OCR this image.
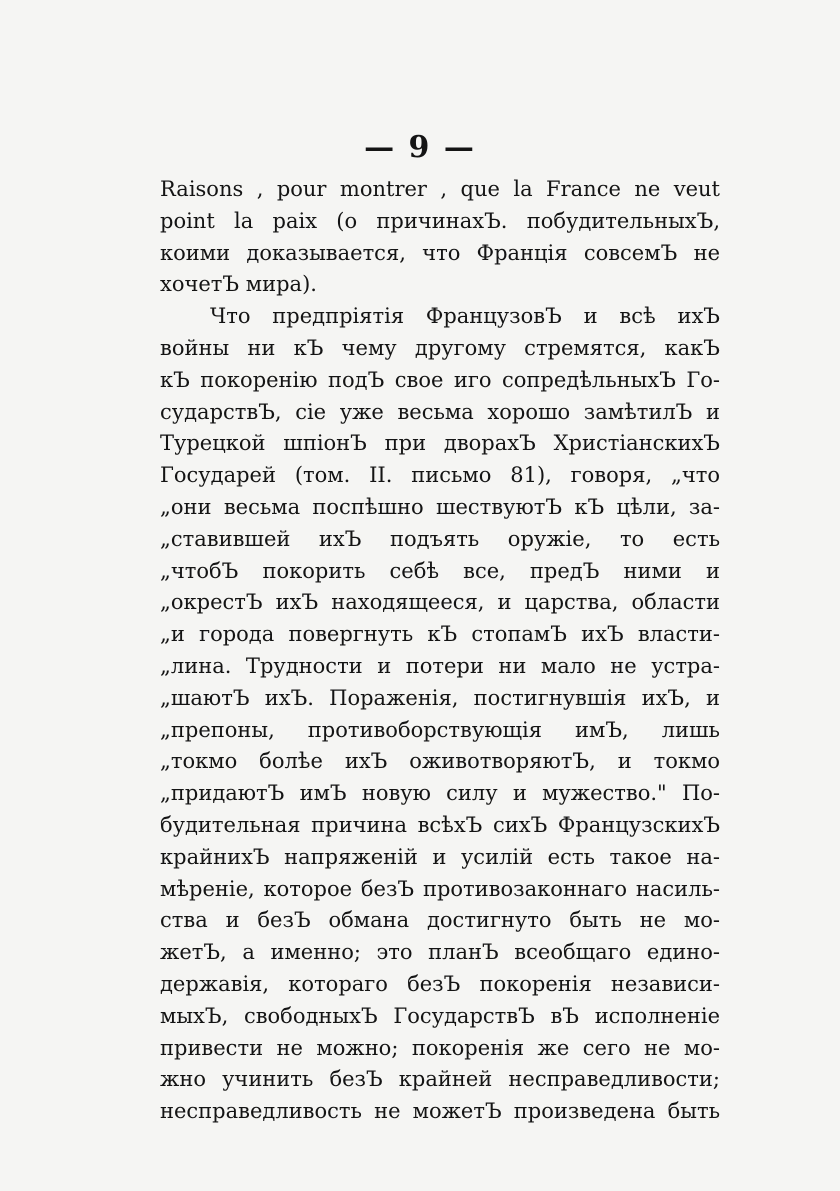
— 9 —
Raisons , pour montrer , que la France ne veut
point la paix (о причинахЪ. побудительныхЪ,
коими доказывается, что Францiя совсемЪ не
хочетЪ мира).
Что предпрiятiя ФранцузовЪ и всѣ ихЪ
войны ни кЪ чему другому стремятся, какЪ
кЪ покоренiю подЪ свое иго сопредѣльныхЪ Го-
сударствЪ, сiе уже весьма хорошо замѣтилЪ и
Турецкой шпiонЪ при дворахЪ ХристiанскихЪ
Государей (том. II. письмо 81), говоря, „что
„они весьма поспѣшно шествуютЪ кЪ цѣли, за-
„ставившей ихЪ подъять оружiе, то есть
„чтобЪ покорить себѣ все, предЪ ними и
„окрестЪ ихЪ находящееся, и царства, области
„и города повергнуть кЪ стопамЪ ихЪ власти-
„лина. Трудности и потери ни мало не устра-
„шаютЪ ихЪ. Пораженiя, постигнувшiя ихЪ, и
„препоны, противоборствующiя имЪ, лишь
„токмо болѣе ихЪ оживотворяютЪ, и токмо
„придаютЪ имЪ новую силу и мужество." По-
будительная причина всѣхЪ сихЪ ФранцузскихЪ
крайнихЪ напряженiй и усилiй есть такое на-
мѣренiе, которое безЪ противозаконнаго насиль-
ства и безЪ обмана достигнуто быть не мо-
жетЪ, а именно; это планЪ всеобщаго едино-
державiя, котораго безЪ покоренiя независи-
мыхЪ, свободныхЪ ГосударствЪ вЪ исполненiе
привести не можно; покоренiя же сего не мо-
жно учинить безЪ крайней несправедливости;
несправедливость не можетЪ произведена быть
